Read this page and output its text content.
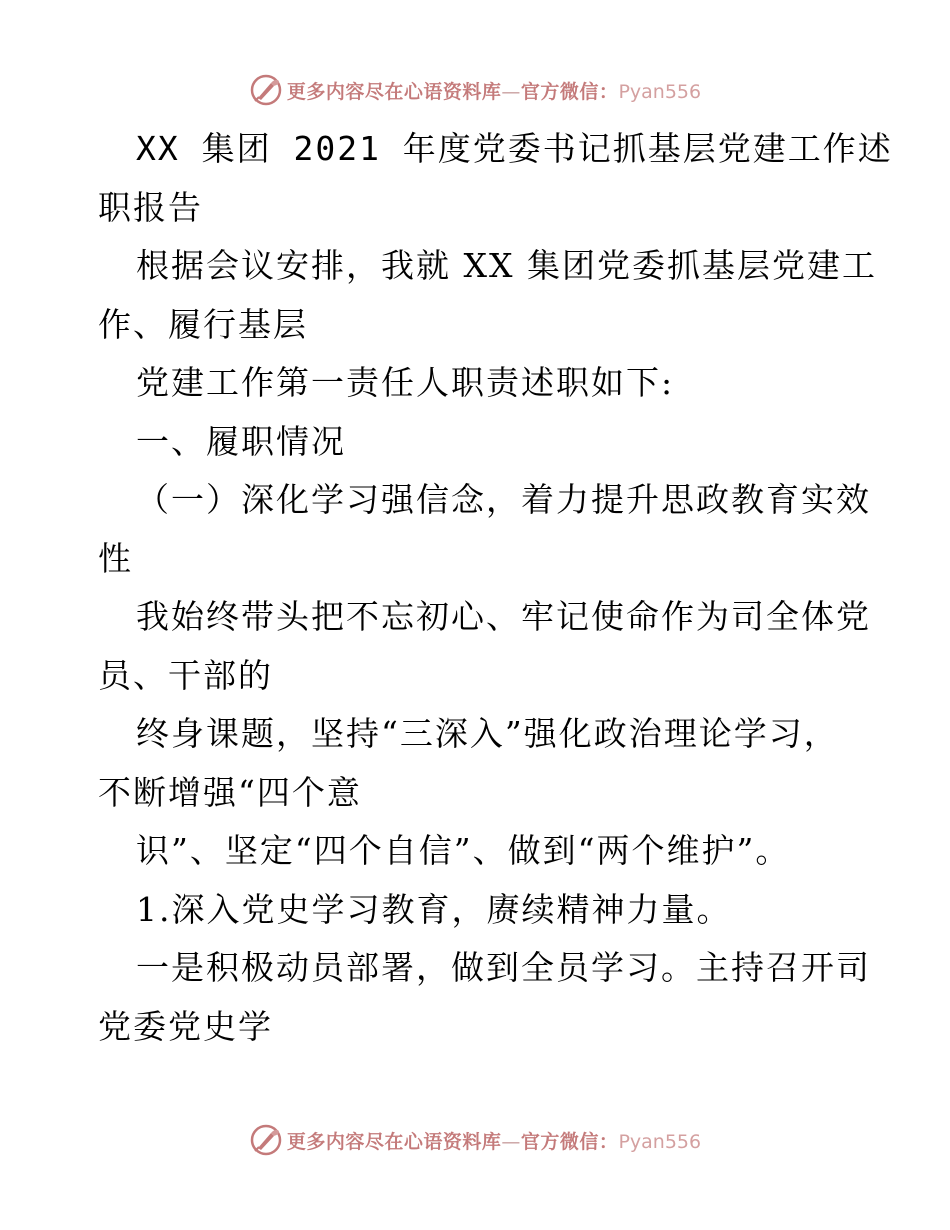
更多内容尽在心语资料库—官方微信：Pyan556
XX 集团 2021 年度党委书记抓基层党建工作述
职报告
根据会议安排，我就 XX 集团党委抓基层党建工
作、履行基层
党建工作第一责任人职责述职如下:
一、履职情况
（一）深化学习强信念，着力提升思政教育实效
性
我始终带头把不忘初心、牢记使命作为司全体党
员、干部的
终身课题，坚持“三深入”强化政治理论学习，
不断增强“四个意
识”、坚定“四个自信”、做到“两个维护”。
1.深入党史学习教育，赓续精神力量。
一是积极动员部署，做到全员学习。主持召开司
党委党史学
更多内容尽在心语资料库—官方微信：Pyan556
